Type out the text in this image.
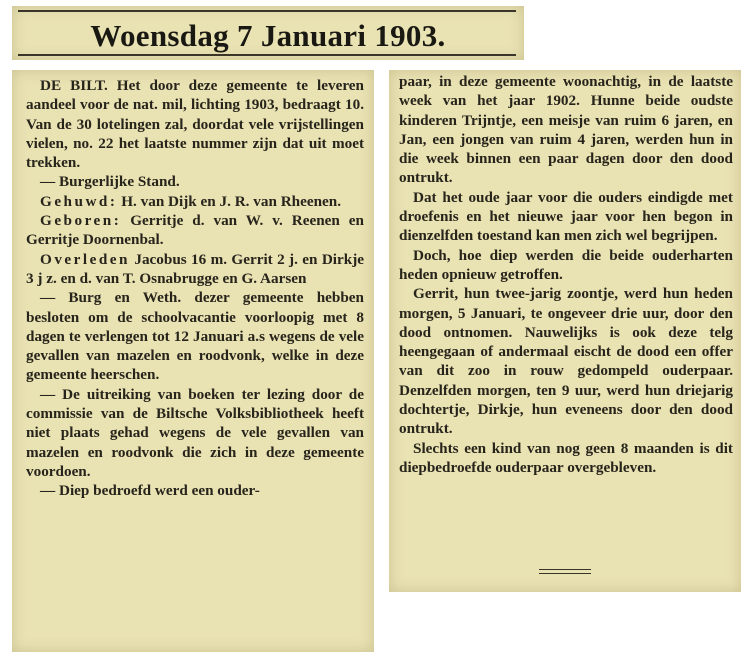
Woensdag 7 Januari 1903.

DE BILT. Het door deze gemeente te leveren aandeel voor de nat. mil, lichting 1903, bedraagt 10. Van de 30 lotelingen zal, doordat vele vrijstellingen vielen, no. 22 het laatste nummer zijn dat uit moet trekken.

— Burgerlijke Stand.

Gehuwd: H. van Dijk en J. R. van Rheenen.

Geboren: Gerritje d. van W. v. Reenen en Gerritje Doornenbal.

Overleden Jacobus 16 m. Gerrit 2 j. en Dirkje 3 j z. en d. van T. Osnabrugge en G. Aarsen

— Burg en Weth. dezer gemeente hebben besloten om de schoolvacantie voorloopig met 8 dagen te verlengen tot 12 Januari a.s wegens de vele gevallen van mazelen en roodvonk, welke in deze gemeente heerschen.

— De uitreiking van boeken ter lezing door de commissie van de Biltsche Volksbibliotheek heeft niet plaats gehad wegens de vele gevallen van mazelen en roodvonk die zich in deze gemeente voordoen.

— Diep bedroefd werd een ouder-

paar, in deze gemeente woonachtig, in de laatste week van het jaar 1902. Hunne beide oudste kinderen Trijntje, een meisje van ruim 6 jaren, en Jan, een jongen van ruim 4 jaren, werden hun in die week binnen een paar dagen door den dood ontrukt.

Dat het oude jaar voor die ouders eindigde met droefenis en het nieuwe jaar voor hen begon in dienzelfden toestand kan men zich wel begrijpen.

Doch, hoe diep werden die beide ouderharten heden opnieuw getroffen.

Gerrit, hun twee-jarig zoontje, werd hun heden morgen, 5 Januari, te ongeveer drie uur, door den dood ontnomen. Nauwelijks is ook deze telg heengegaan of andermaal eischt de dood een offer van dit zoo in rouw gedompeld ouderpaar. Denzelfden morgen, ten 9 uur, werd hun driejarig dochtertje, Dirkje, hun eveneens door den dood ontrukt.

Slechts een kind van nog geen 8 maanden is dit diepbedroefde ouderpaar overgebleven.
